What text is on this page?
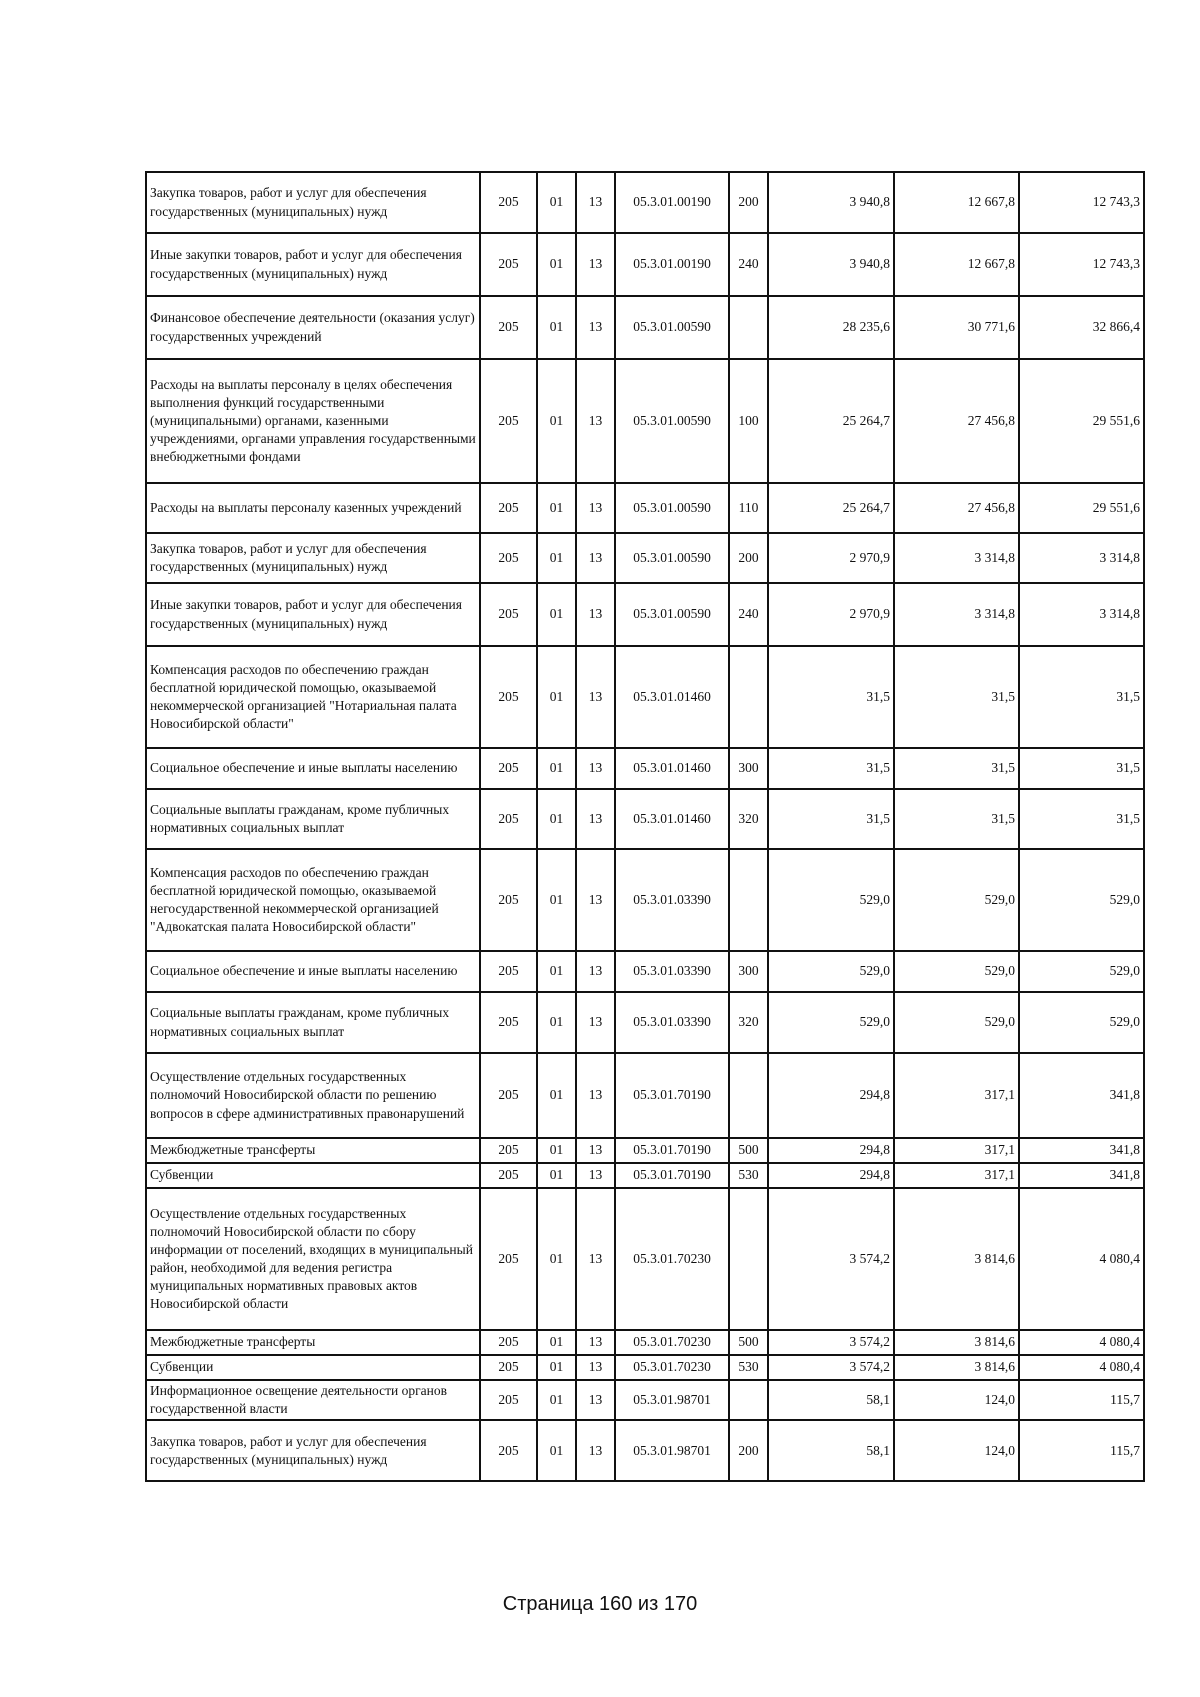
Закупка товаров, работ и услуг для обеспечения государственных (муниципальных) нужд	205	01	13	05.3.01.00190	200	3 940,8	12 667,8	12 743,3
Иные закупки товаров, работ и услуг для обеспечения государственных (муниципальных) нужд	205	01	13	05.3.01.00190	240	3 940,8	12 667,8	12 743,3
Финансовое обеспечение деятельности (оказания услуг) государственных учреждений	205	01	13	05.3.01.00590		28 235,6	30 771,6	32 866,4
Расходы на выплаты персоналу в целях обеспечения выполнения функций государственными (муниципальными) органами, казенными учреждениями, органами управления государственными внебюджетными фондами	205	01	13	05.3.01.00590	100	25 264,7	27 456,8	29 551,6
Расходы на выплаты персоналу казенных учреждений	205	01	13	05.3.01.00590	110	25 264,7	27 456,8	29 551,6
Закупка товаров, работ и услуг для обеспечения государственных (муниципальных) нужд	205	01	13	05.3.01.00590	200	2 970,9	3 314,8	3 314,8
Иные закупки товаров, работ и услуг для обеспечения государственных (муниципальных) нужд	205	01	13	05.3.01.00590	240	2 970,9	3 314,8	3 314,8
Компенсация расходов по обеспечению граждан бесплатной юридической помощью, оказываемой некоммерческой организацией "Нотариальная палата Новосибирской области"	205	01	13	05.3.01.01460		31,5	31,5	31,5
Социальное обеспечение и иные выплаты населению	205	01	13	05.3.01.01460	300	31,5	31,5	31,5
Социальные выплаты гражданам, кроме публичных нормативных социальных выплат	205	01	13	05.3.01.01460	320	31,5	31,5	31,5
Компенсация расходов по обеспечению граждан бесплатной юридической помощью, оказываемой негосударственной некоммерческой организацией "Адвокатская палата Новосибирской области"	205	01	13	05.3.01.03390		529,0	529,0	529,0
Социальное обеспечение и иные выплаты населению	205	01	13	05.3.01.03390	300	529,0	529,0	529,0
Социальные выплаты гражданам, кроме публичных нормативных социальных выплат	205	01	13	05.3.01.03390	320	529,0	529,0	529,0
Осуществление отдельных государственных полномочий Новосибирской области по решению вопросов в сфере административных правонарушений	205	01	13	05.3.01.70190		294,8	317,1	341,8
Межбюджетные трансферты	205	01	13	05.3.01.70190	500	294,8	317,1	341,8
Субвенции	205	01	13	05.3.01.70190	530	294,8	317,1	341,8
Осуществление отдельных государственных полномочий Новосибирской области по сбору информации от поселений, входящих в муниципальный район, необходимой для ведения регистра муниципальных нормативных правовых актов Новосибирской области	205	01	13	05.3.01.70230		3 574,2	3 814,6	4 080,4
Межбюджетные трансферты	205	01	13	05.3.01.70230	500	3 574,2	3 814,6	4 080,4
Субвенции	205	01	13	05.3.01.70230	530	3 574,2	3 814,6	4 080,4
Информационное освещение деятельности органов государственной власти	205	01	13	05.3.01.98701		58,1	124,0	115,7
Закупка товаров, работ и услуг для обеспечения государственных (муниципальных) нужд	205	01	13	05.3.01.98701	200	58,1	124,0	115,7
Страница 160 из 170
